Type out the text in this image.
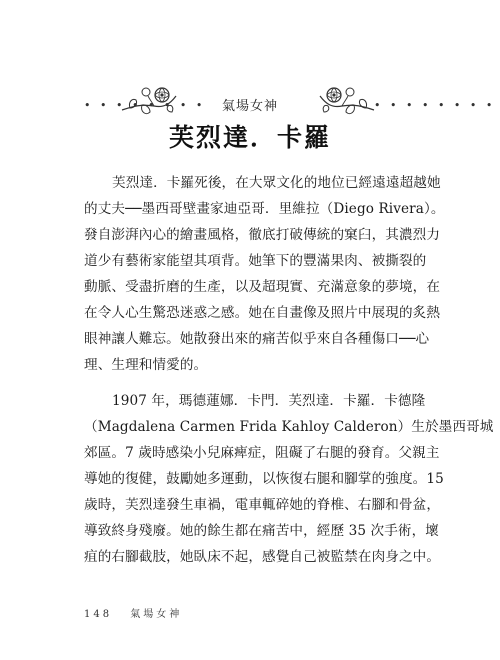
• • • • • • • •	氣場女神	• • • • • • • •
芙烈達．卡羅
芙烈達．卡羅死後，在大眾文化的地位已經遠遠超越她
的丈夫──墨西哥壁畫家迪亞哥．里維拉（Diego Rivera）。
發自澎湃內心的繪畫風格，徹底打破傳統的窠臼，其濃烈力
道少有藝術家能望其項背。她筆下的豐滿果肉、被撕裂的
動脈、受盡折磨的生產，以及超現實、充滿意象的夢境，在
在令人心生驚恐迷惑之感。她在自畫像及照片中展現的炙熱
眼神讓人難忘。她散發出來的痛苦似乎來自各種傷口──心
理、生理和情愛的。
1907 年，瑪德蓮娜．卡門．芙烈達．卡羅．卡德隆
（Magdalena Carmen Frida Kahloy Calderon）生於墨西哥城
郊區。7 歲時感染小兒麻痺症，阻礙了右腿的發育。父親主
導她的復健，鼓勵她多運動，以恢復右腿和腳掌的強度。15
歲時，芙烈達發生車禍，電車輒碎她的脊椎、右腳和骨盆，
導致終身殘廢。她的餘生都在痛苦中，經歷 35 次手術，壞
疽的右腳截肢，她臥床不起，感覺自己被監禁在肉身之中。
148 氣場女神
